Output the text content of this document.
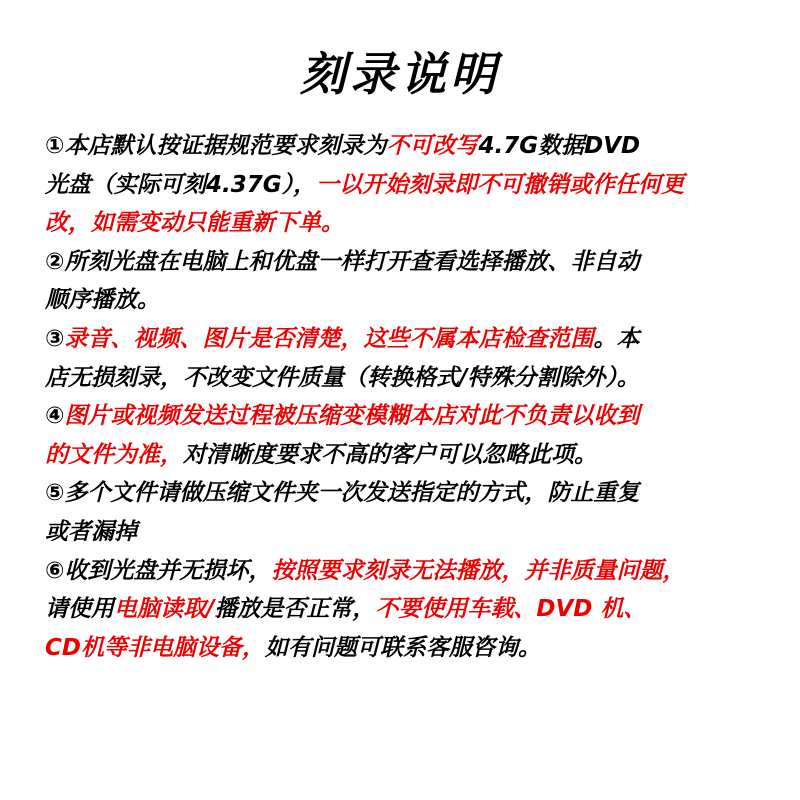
刻录说明
①本店默认按证据规范要求刻录为不可改写4.7G数据DVD
光盘（实际可刻4.37G），一以开始刻录即不可撤销或作任何更
改，如需变动只能重新下单。
②所刻光盘在电脑上和优盘一样打开查看选择播放、非自动
顺序播放。
③录音、视频、图片是否清楚，这些不属本店检查范围。本
店无损刻录，不改变文件质量（转换格式/特殊分割除外）。
④图片或视频发送过程被压缩变模糊本店对此不负责以收到
的文件为准，对清晰度要求不高的客户可以忽略此项。
⑤多个文件请做压缩文件夹一次发送指定的方式，防止重复
或者漏掉
⑥收到光盘并无损坏，按照要求刻录无法播放，并非质量问题，
请使用电脑读取/播放是否正常，不要使用车载、DVD 机、
CD机等非电脑设备，如有问题可联系客服咨询。
